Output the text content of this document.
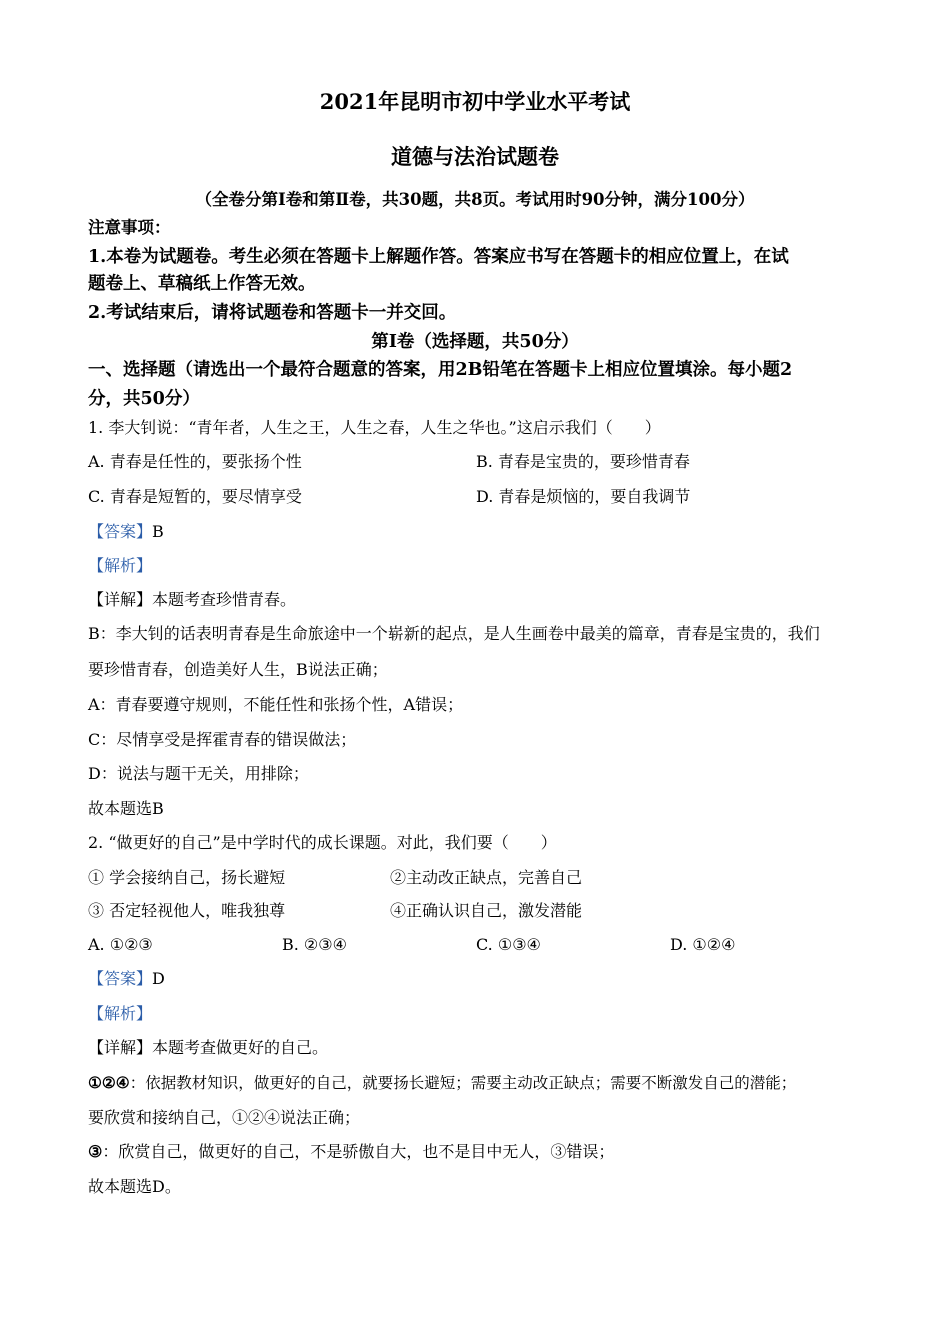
2021年昆明市初中学业水平考试
道德与法治试题卷
（全卷分第Ⅰ卷和第Ⅱ卷，共30题，共8页。考试用时90分钟，满分100分）
注意事项：
1.本卷为试题卷。考生必须在答题卡上解题作答。答案应书写在答题卡的相应位置上，在试
题卷上、草稿纸上作答无效。
2.考试结束后，请将试题卷和答题卡一并交回。
第Ⅰ卷（选择题，共50分）
一、选择题（请选出一个最符合题意的答案，用2B铅笔在答题卡上相应位置填涂。每小题2
分，共50分）
1. 李大钊说：“青年者，人生之王，人生之春，人生之华也。”这启示我们（　　）
A. 青春是任性的，要张扬个性	B. 青春是宝贵的，要珍惜青春
C. 青春是短暂的，要尽情享受	D. 青春是烦恼的，要自我调节
【答案】B
【解析】
【详解】本题考查珍惜青春。
B：李大钊的话表明青春是生命旅途中一个崭新的起点，是人生画卷中最美的篇章，青春是宝贵的，我们
要珍惜青春，创造美好人生，B说法正确；
A：青春要遵守规则，不能任性和张扬个性，A错误；
C：尽情享受是挥霍青春的错误做法；
D：说法与题干无关，用排除；
故本题选B
2. “做更好的自己”是中学时代的成长课题。对此，我们要（　　）
① 学会接纳自己，扬长避短	②主动改正缺点，完善自己
③ 否定轻视他人，唯我独尊	④正确认识自己，激发潜能
A. ①②③	B. ②③④	C. ①③④	D. ①②④
【答案】D
【解析】
【详解】本题考查做更好的自己。
①②④：依据教材知识，做更好的自己，就要扬长避短；需要主动改正缺点；需要不断激发自己的潜能；
要欣赏和接纳自己，①②④说法正确；
③：欣赏自己，做更好的自己，不是骄傲自大，也不是目中无人，③错误；
故本题选D。
